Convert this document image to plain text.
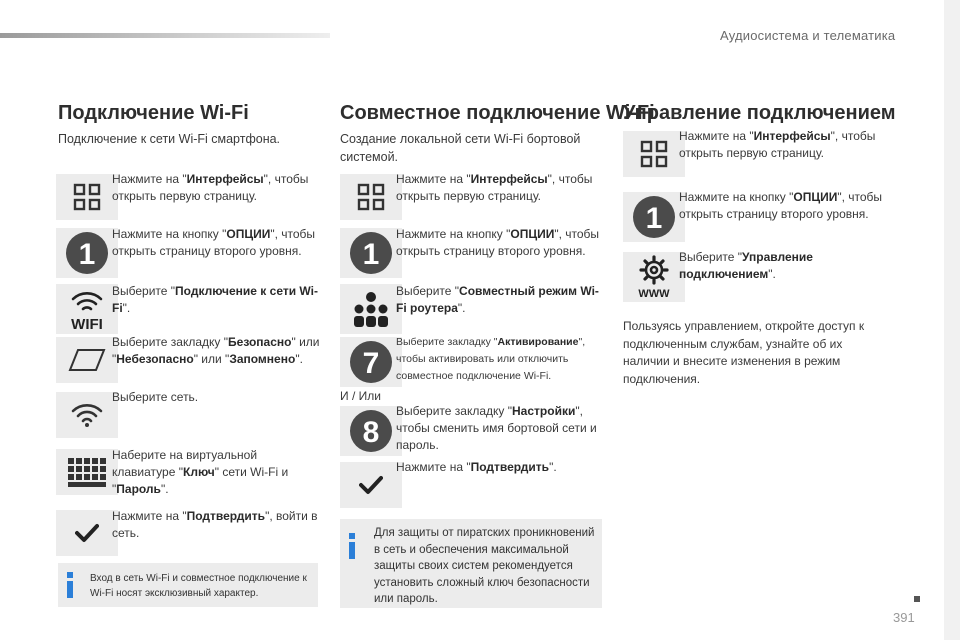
Аудиосистема и телематика
Подключение Wi-Fi
Подключение к сети Wi-Fi смартфона.
Нажмите на "Интерфейсы", чтобы открыть первую страницу.
1
Нажмите на кнопку "ОПЦИИ", чтобы открыть страницу второго уровня.
WIFI
Выберите "Подключение к сети Wi-Fi".
Выберите закладку "Безопасно" или "Небезопасно" или "Запомнено".
Выберите сеть.
Наберите на виртуальной клавиатуре "Ключ" сети Wi-Fi и "Пароль".
Нажмите на "Подтвердить", войти в сеть.
Вход в сеть Wi-Fi и совместное подключение к Wi-Fi носят эксклюзивный характер.
Совместное подключение Wi-Fi
Создание локальной сети Wi-Fi бортовой системой.
Нажмите на "Интерфейсы", чтобы открыть первую страницу.
1
Нажмите на кнопку "ОПЦИИ", чтобы открыть страницу второго уровня.
Выберите "Совместный режим Wi-Fi роутера".
7
Выберите закладку "Активирование", чтобы активировать или отключить совместное подключение Wi-Fi.
И / Или
8
Выберите закладку "Настройки", чтобы сменить имя бортовой сети и пароль.
Нажмите на "Подтвердить".
Для защиты от пиратских проникновений в сеть и обеспечения максимальной защиты своих систем рекомендуется установить сложный ключ безопасности или пароль.
Управление подключением
Нажмите на "Интерфейсы", чтобы открыть первую страницу.
1
Нажмите на кнопку "ОПЦИИ", чтобы открыть страницу второго уровня.
WWW
Выберите "Управление подключением".
Пользуясь управлением, откройте доступ к подключенным службам, узнайте об их наличии и внесите изменения в режим подключения.
391
